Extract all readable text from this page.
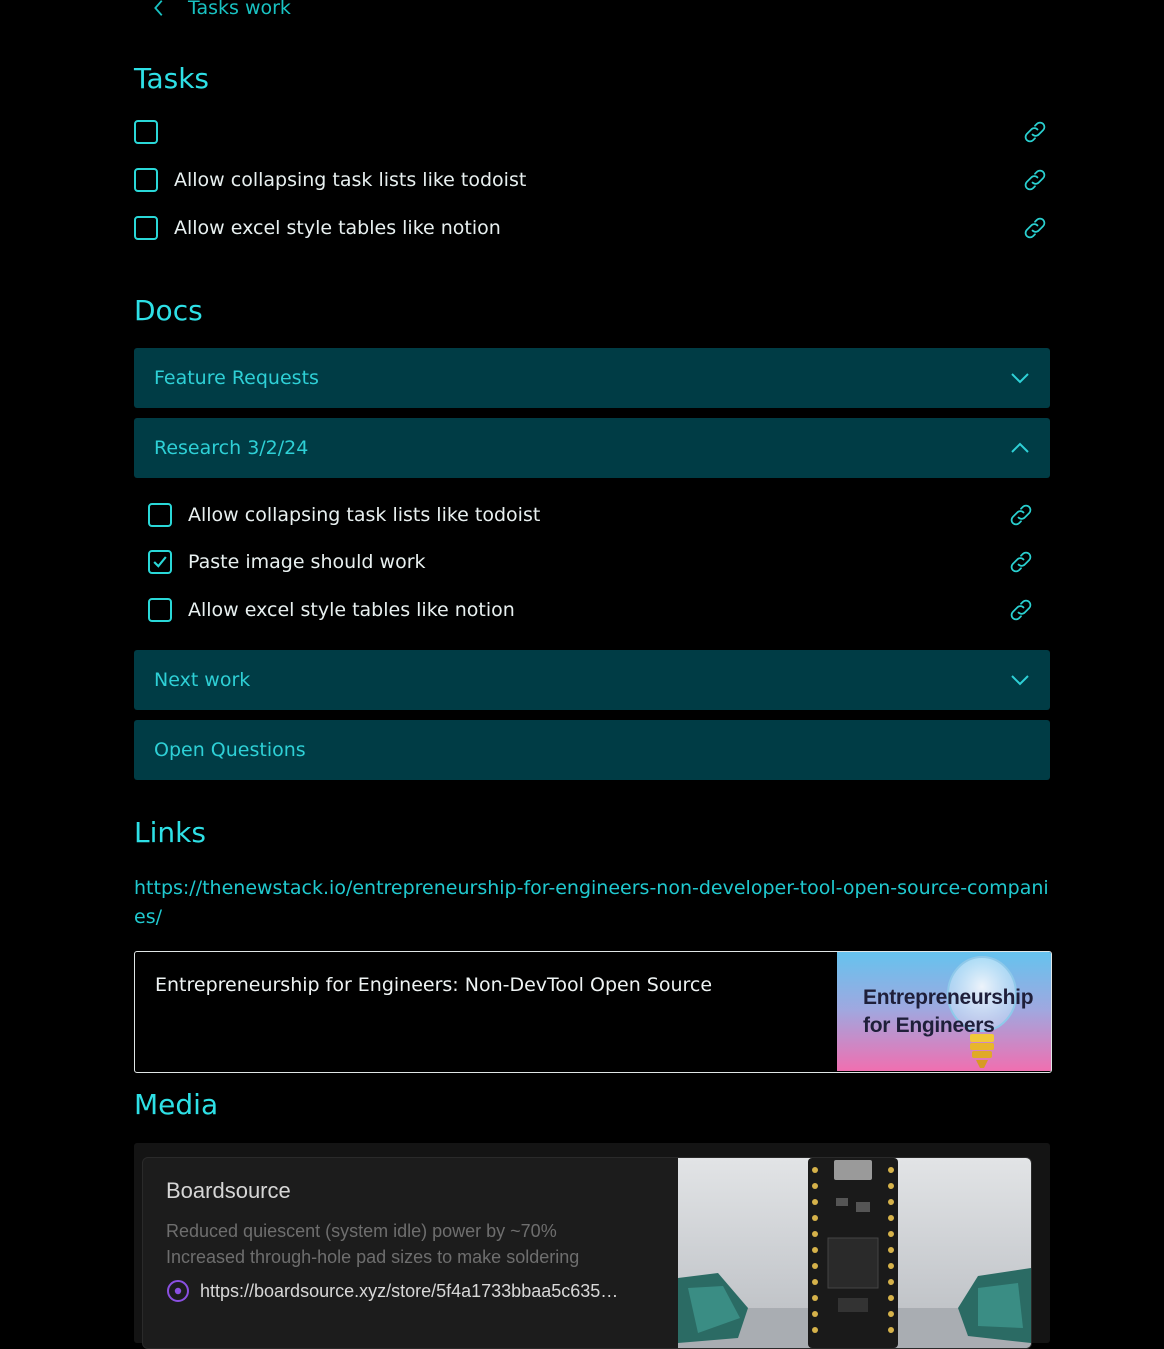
Tasks work
Tasks
Allow collapsing task lists like todoist
Allow excel style tables like notion
Docs
Feature Requests
Research 3/2/24
Allow collapsing task lists like todoist
Paste image should work
Allow excel style tables like notion
Next work
Open Questions
Links
https://thenewstack.io/entrepreneurship-for-engineers-non-developer-tool-open-source-companies/
Entrepreneurship for Engineers: Non-DevTool Open Source
Entrepreneurship
for Engineers
Media
Boardsource
Reduced quiescent (system idle) power by ~70%
Increased through-hole pad sizes to make soldering
https://boardsource.xyz/store/5f4a1733bbaa5c635…
